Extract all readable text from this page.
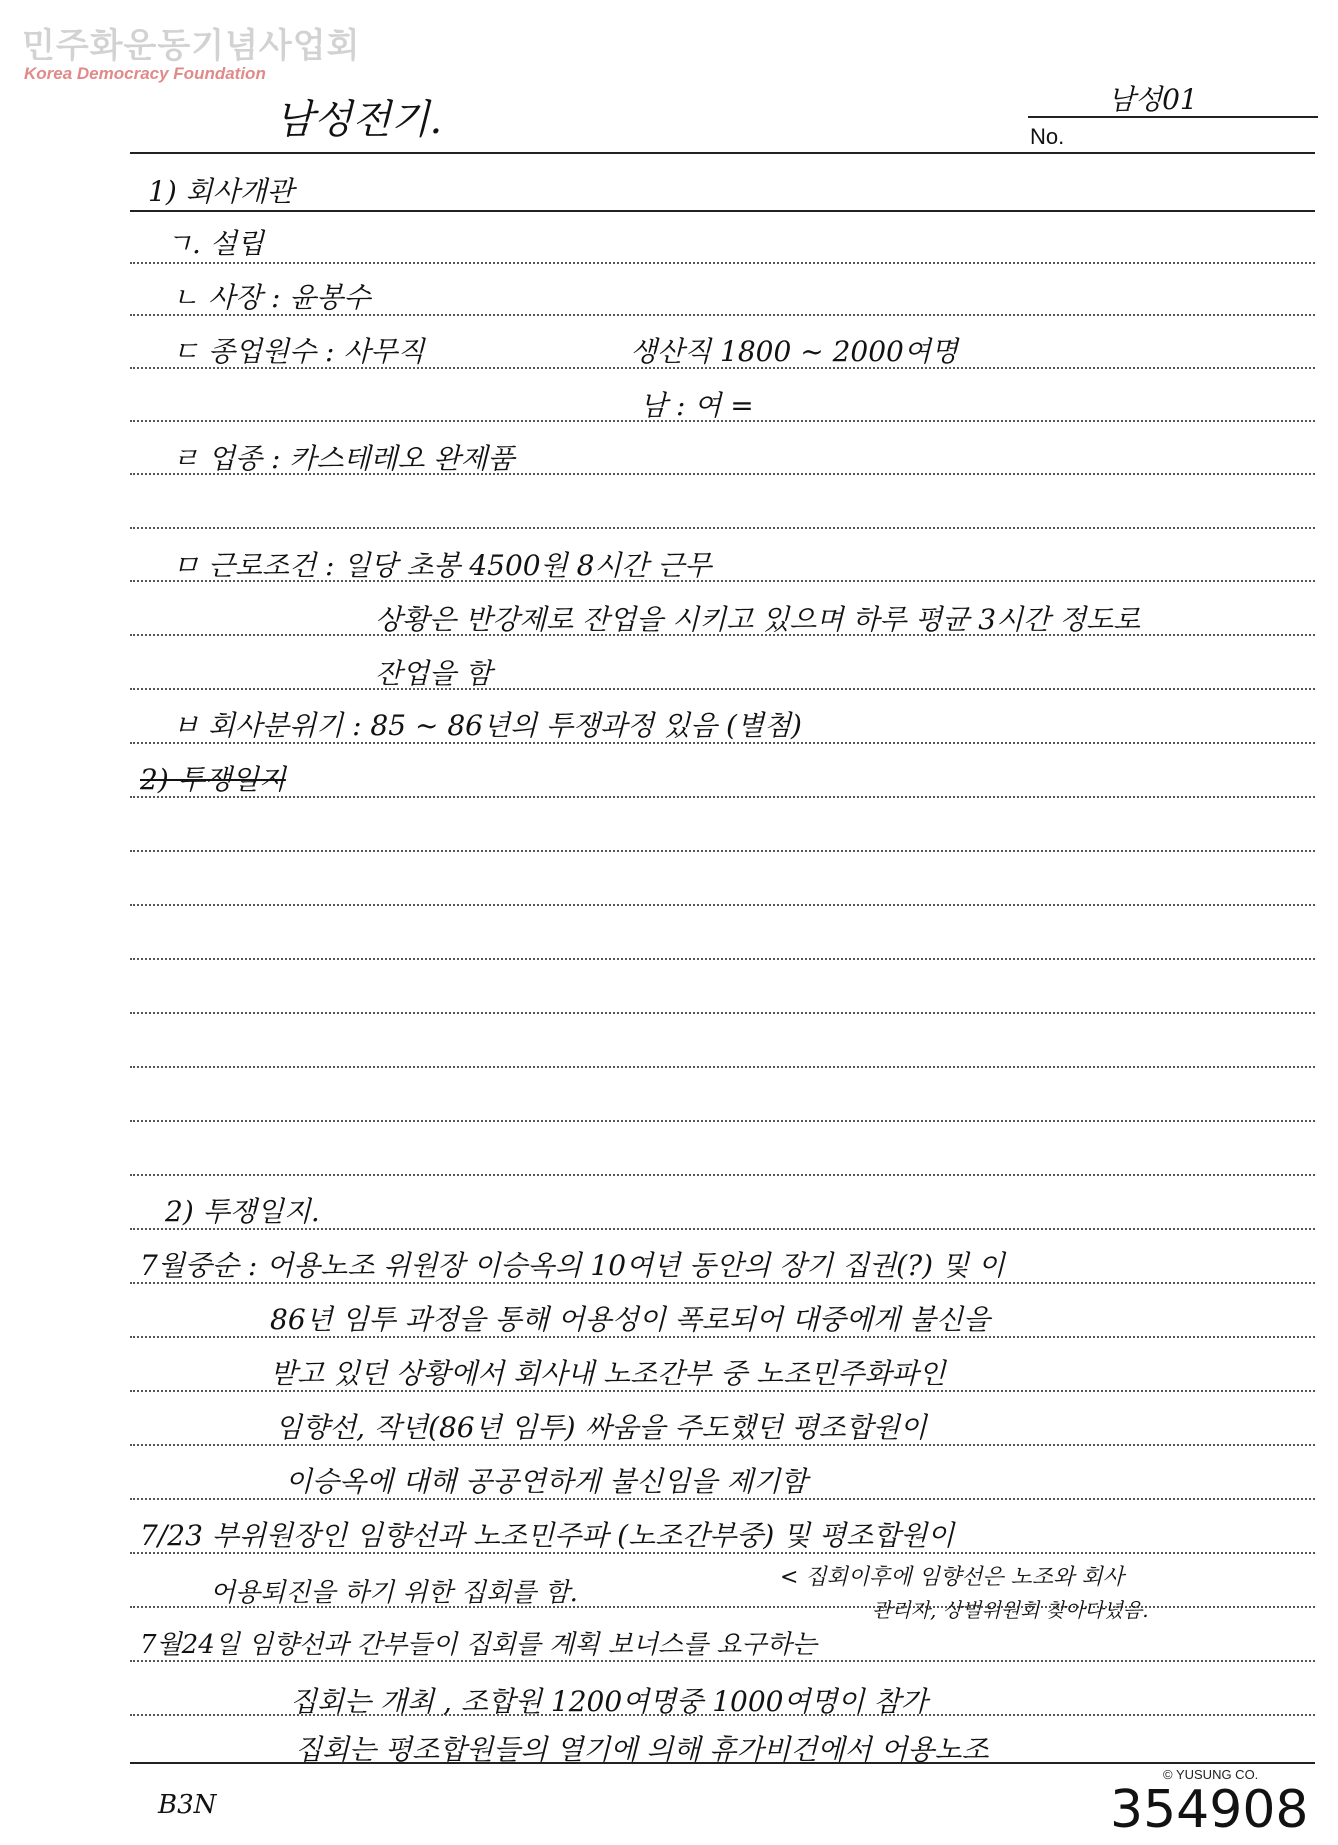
민주화운동기념사업회
Korea Democracy Foundation
남성전기.	남성01
No.
1) 회사개관
ㄱ. 설립
ㄴ 사장 : 윤봉수
ㄷ 종업원수 : 사무직	생산직 1800 ~ 2000여명
남 : 여 =
ㄹ 업종 : 카스테레오 완제품
ㅁ 근로조건 : 일당 초봉 4500원 8시간 근무
상황은 반강제로 잔업을 시키고 있으며 하루 평균 3시간 정도로
잔업을 함
ㅂ 회사분위기 : 85 ~ 86년의 투쟁과정 있음 (별첨)
2) 투쟁일지
2) 투쟁일지.
7월중순 : 어용노조 위원장 이승옥의 10여년 동안의 장기 집권(?) 및 이
86년 임투 과정을 통해 어용성이 폭로되어 대중에게 불신을
받고 있던 상황에서 회사내 노조간부 중 노조민주화파인
임향선, 작년(86년 임투) 싸움을 주도했던 평조합원이
이승옥에 대해 공공연하게 불신임을 제기함
7/23 부위원장인 임향선과 노조민주파 (노조간부중) 및 평조합원이
어용퇴진을 하기 위한 집회를 함.
< 집회이후에 임향선은 노조와 회사
관리자, 상벌위원회 찾아다녔음.
7월24일 임향선과 간부들이 집회를 계획 보너스를 요구하는
집회는 개최 , 조합원 1200여명중 1000여명이 참가
집회는 평조합원들의 열기에 의해 휴가비건에서 어용노조
B3N
© YUSUNG CO.
354908
